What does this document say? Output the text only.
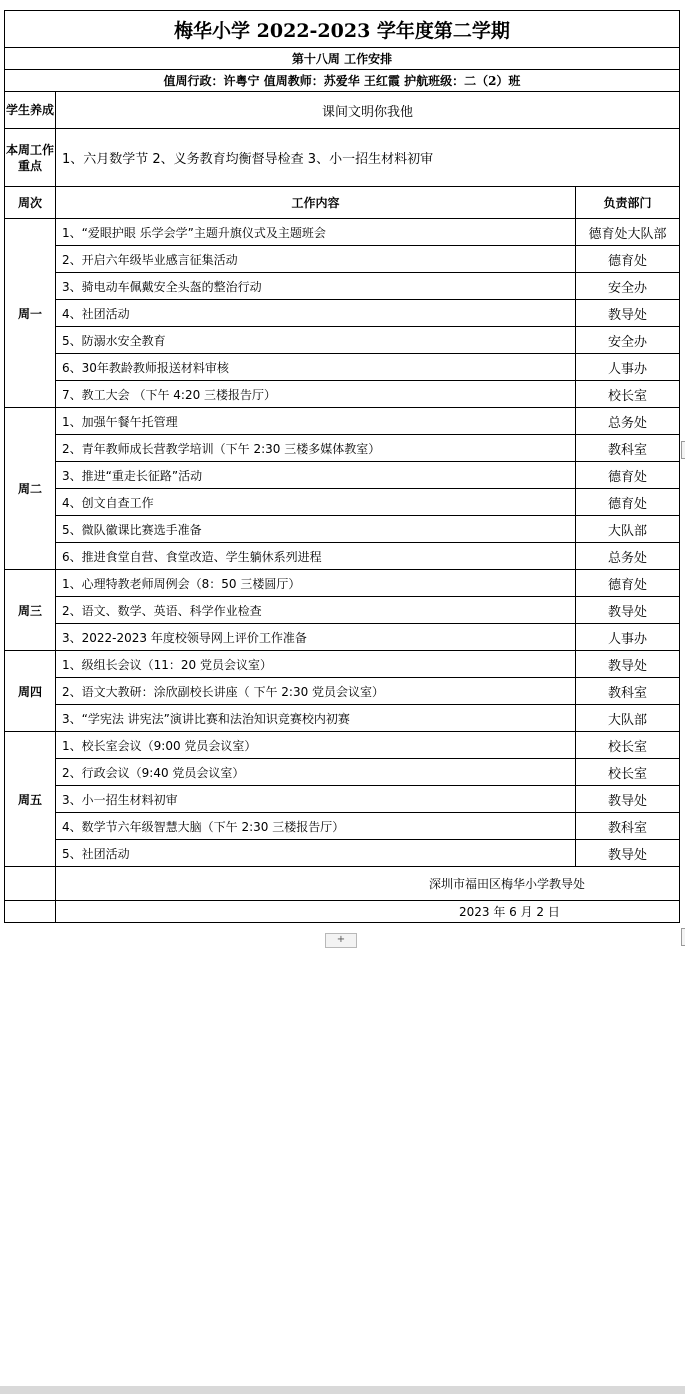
梅华小学 2022-2023 学年度第二学期		
第十八周 工作安排		
值周行政：许粤宁 值周教师：苏爱华 王红霞 护航班级：二（2）班		
学生养成	课间文明你我他	
本周工作重点	1、六月数学节 2、义务教育均衡督导检查 3、小一招生材料初审	
周次	工作内容	负责部门
周一	1、“爱眼护眼 乐学会学”主题升旗仪式及主题班会	德育处大队部
	2、开启六年级毕业感言征集活动	德育处
	3、骑电动车佩戴安全头盔的整治行动	安全办
	4、社团活动	教导处
	5、防溺水安全教育	安全办
	6、30年教龄教师报送材料审核	人事办
	7、教工大会 （下午 4:20 三楼报告厅）	校长室
周二	1、加强午餐午托管理	总务处
	2、青年教师成长营教学培训（下午 2:30 三楼多媒体教室）	教科室
	3、推进“重走长征路”活动	德育处
	4、创文自查工作	德育处
	5、微队徽课比赛选手准备	大队部
	6、推进食堂自营、食堂改造、学生躺休系列进程	总务处
周三	1、心理特教老师周例会（8：50 三楼圆厅）	德育处
	2、语文、数学、英语、科学作业检查	教导处
	3、2022-2023 年度校领导网上评价工作准备	人事办
周四	1、级组长会议（11：20 党员会议室）	教导处
	2、语文大教研：涂欣副校长讲座（ 下午 2:30 党员会议室）	教科室
	3、“学宪法 讲宪法”演讲比赛和法治知识竞赛校内初赛	大队部
周五	1、校长室会议（9:00 党员会议室）	校长室
	2、行政会议（9:40 党员会议室）	校长室
	3、小一招生材料初审	教导处
	4、数学节六年级智慧大脑（下午 2:30 三楼报告厅）	教科室
	5、社团活动	教导处
	深圳市福田区梅华小学教导处	
	2023 年 6 月 2 日	
+
